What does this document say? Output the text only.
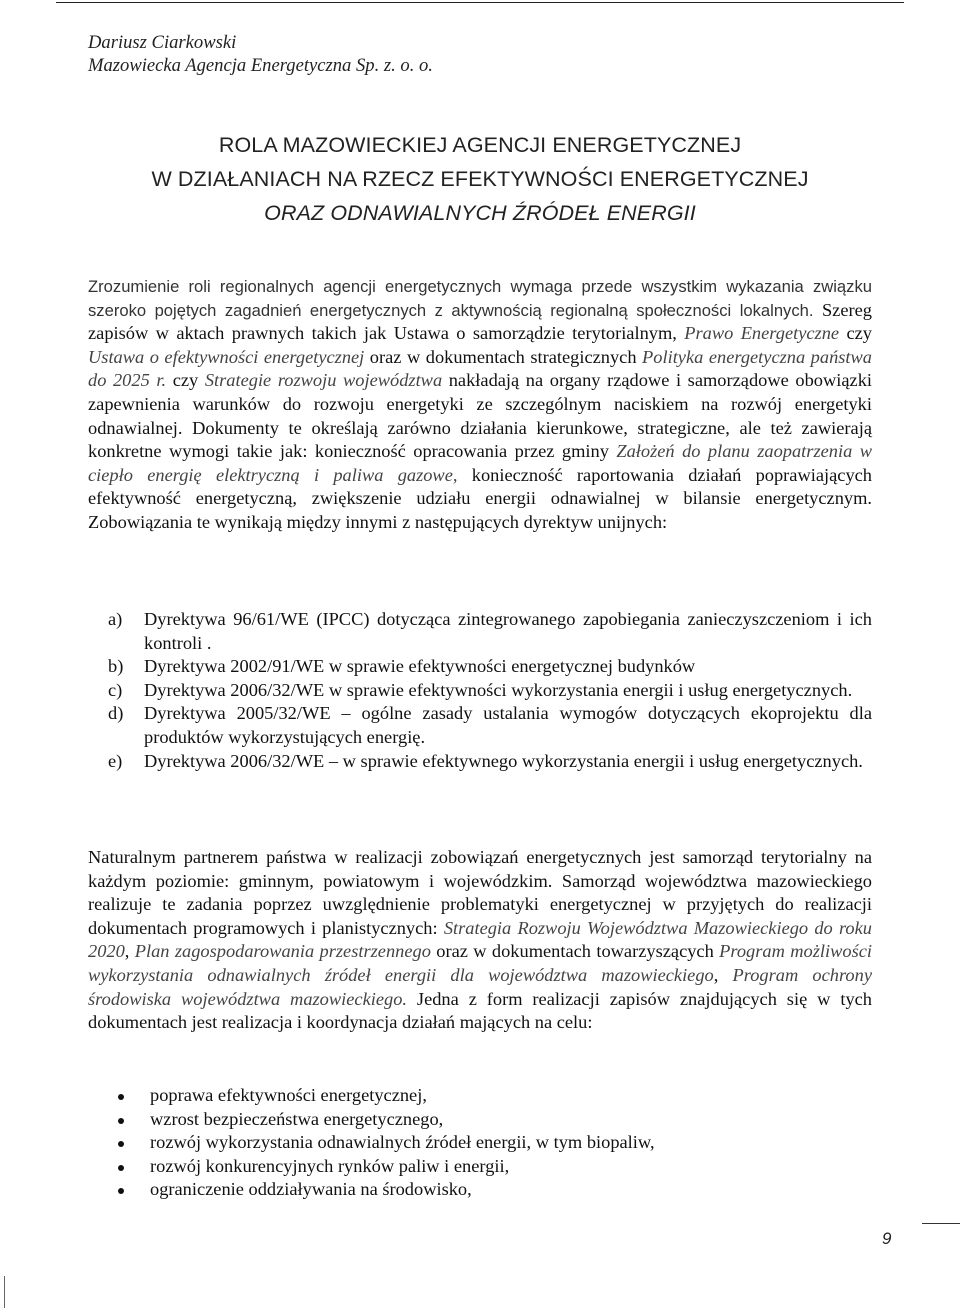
Dariusz Ciarkowski
Mazowiecka Agencja Energetyczna Sp. z. o. o.
ROLA MAZOWIECKIEJ AGENCJI ENERGETYCZNEJ
W DZIAŁANIACH NA RZECZ EFEKTYWNOŚCI ENERGETYCZNEJ
ORAZ ODNAWIALNYCH ŹRÓDEŁ ENERGII
Zrozumienie roli regionalnych agencji energetycznych wymaga przede wszystkim wykazania związku szeroko pojętych zagadnień energetycznych z aktywnością regionalną społeczności lokalnych. Szereg zapisów w aktach prawnych takich jak Ustawa o samorządzie terytorialnym, Prawo Energetyczne czy Ustawa o efektywności energetycznej oraz w dokumentach strategicznych Polityka energetyczna państwa do 2025 r. czy Strategie rozwoju województwa nakładają na organy rządowe i samorządowe obowiązki zapewnienia warunków do rozwoju energetyki ze szczególnym naciskiem na rozwój energetyki odnawialnej. Dokumenty te określają zarówno działania kierunkowe, strategiczne, ale też zawierają konkretne wymogi takie jak: konieczność opracowania przez gminy Założeń do planu zaopatrzenia w ciepło energię elektryczną i paliwa gazowe, konieczność raportowania działań poprawiających efektywność energetyczną, zwiększenie udziału energii odnawialnej w bilansie energetycznym. Zobowiązania te wynikają między innymi z następujących dyrektyw unijnych:
a) Dyrektywa 96/61/WE (IPCC) dotycząca zintegrowanego zapobiegania zanieczyszczeniom i ich kontroli .
b) Dyrektywa 2002/91/WE w sprawie efektywności energetycznej budynków
c) Dyrektywa 2006/32/WE w sprawie efektywności wykorzystania energii i usług energetycznych.
d) Dyrektywa 2005/32/WE – ogólne zasady ustalania wymogów dotyczących ekoprojektu dla produktów wykorzystujących energię.
e) Dyrektywa 2006/32/WE – w sprawie efektywnego wykorzystania energii i usług energetycznych.
Naturalnym partnerem państwa w realizacji zobowiązań energetycznych jest samorząd terytorialny na każdym poziomie: gminnym, powiatowym i wojewódzkim. Samorząd województwa mazowieckiego realizuje te zadania poprzez uwzględnienie problematyki energetycznej w przyjętych do realizacji dokumentach programowych i planistycznych: Strategia Rozwoju Województwa Mazowieckiego do roku 2020, Plan zagospodarowania przestrzennego oraz w dokumentach towarzyszących Program możliwości wykorzystania odnawialnych źródeł energii dla województwa mazowieckiego, Program ochrony środowiska województwa mazowieckiego. Jedna z form realizacji zapisów znajdujących się w tych dokumentach jest realizacja i koordynacja działań mających na celu:
poprawa efektywności energetycznej,
wzrost bezpieczeństwa energetycznego,
rozwój wykorzystania odnawialnych źródeł energii, w tym biopaliw,
rozwój konkurencyjnych rynków paliw i energii,
ograniczenie oddziaływania na środowisko,
9
